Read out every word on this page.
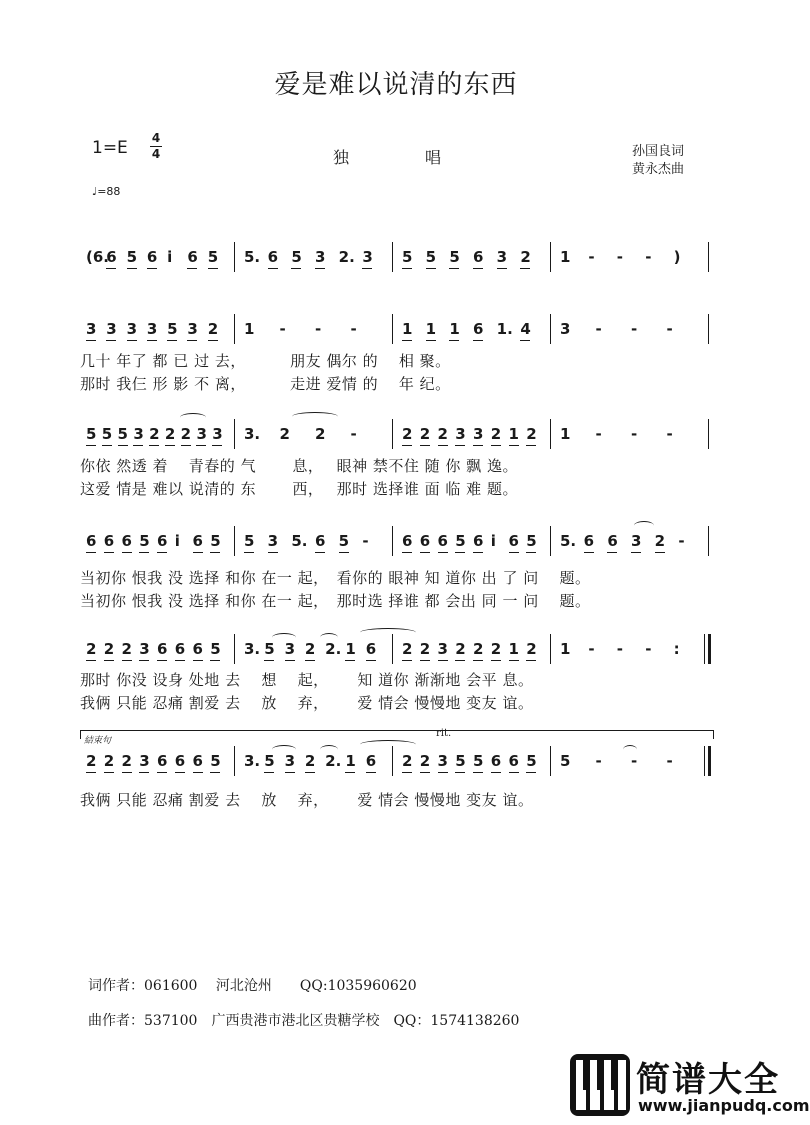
爱是难以说清的东西
1=E 4
4
♩=88
独	唱	孙国良词
黄永杰曲
(6.
6 5 6 i 6 5 5. 6 5 3 2. 3 5 5 5 6 3 2 1 - - - )
3 3 3 3 5 3 2 1 - - -	1 1 1 6 1. 4 3 - - -
5 5 5 3 2 2 2 3 3 3. 2 2 -	2 2 2 3 3 2 1 2 1 - - -
6 6 6 5 6 i 6 5 5 3 5. 6 5 - 6 6 6 5 6 i 6 5 5. 6 6 3 2 -
2 2 2 3 6 6 6 5 3. 5 3 2 2. 1 6 2 2 3 2 2 2 1 2 1 - - - :
2 2 2 3 6 6 6 5 3. 5 3 2 2. 1 6 2 2 3 5 5 6 6 5 5 - - -
几十 年了 都 已 过 去，　　　 朋友 偶尔 的　 相 聚。
那时 我仨 形 影 不 离，　　　 走进 爱情 的　 年 纪。
你依 然透 着　 青春的 气　　 息，　 眼神 禁不住 随 你 飘 逸。
这爱 情是 难以 说清的 东　　 西，　 那时 选择谁 面 临 难 题。
当初你 恨我 没 选择 和你 在一 起，　看你的 眼神 知 道你 出 了 问　 题。
当初你 恨我 没 选择 和你 在一 起，　那时选 择谁 都 会出 同 一 问　 题。
那时 你没 设身 处地 去　 想　 起，　　 知 道你 渐渐地 会平 息。
我俩 只能 忍痛 割爱 去　 放　 弃，　　 爱 情会 慢慢地 变友 谊。
我俩 只能 忍痛 割爱 去　 放　 弃，　　 爱 情会 慢慢地 变友 谊。
結束句
rit.
词作者：061600　 河北沧州　　QQ:1035960620
曲作者：537100　广西贵港市港北区贵糖学校　QQ：1574138260
简谱大全
www.jianpudq.com
